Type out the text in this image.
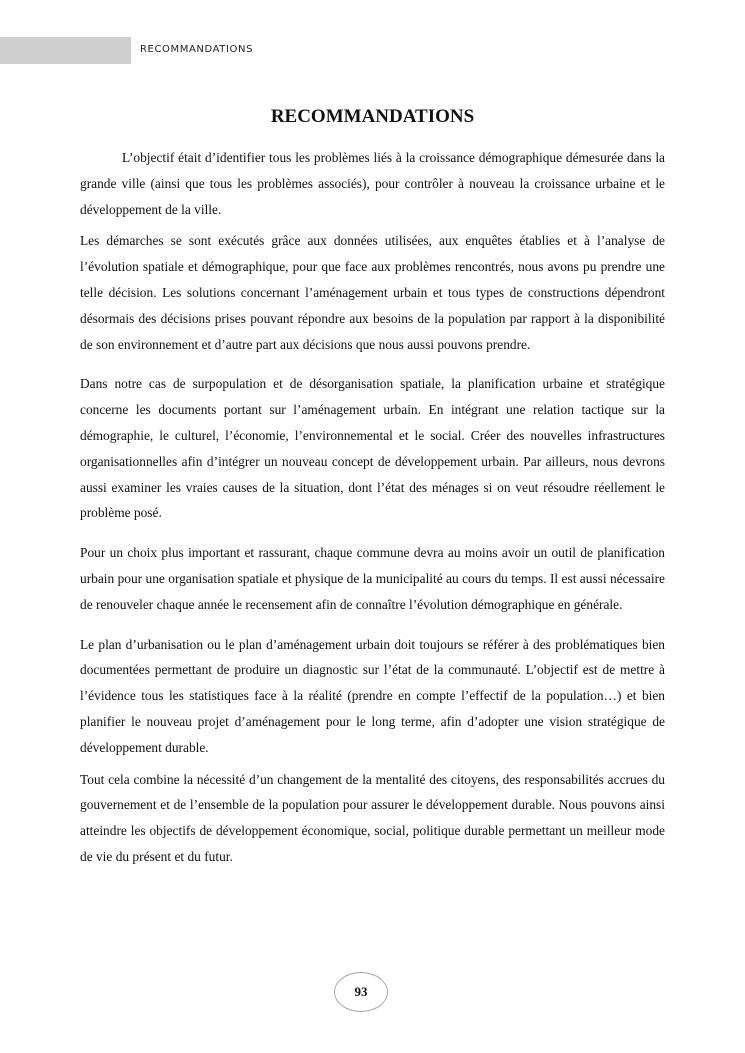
RECOMMANDATIONS
RECOMMANDATIONS

L’objectif était d’identifier tous les problèmes liés à la croissance démographique démesurée dans la grande ville (ainsi que tous les problèmes associés), pour contrôler à nouveau la croissance urbaine et le développement de la ville.

Les démarches se sont exécutés grâce aux données utilisées, aux enquêtes établies et à l’analyse de l’évolution spatiale et démographique, pour que face aux problèmes rencontrés, nous avons pu prendre une telle décision. Les solutions concernant l’aménagement urbain et tous types de constructions dépendront désormais des décisions prises pouvant répondre aux besoins de la population par rapport à la disponibilité de son environnement et d’autre part aux décisions que nous aussi pouvons prendre.

Dans notre cas de surpopulation et de désorganisation spatiale, la planification urbaine et stratégique concerne les documents portant sur l’aménagement urbain. En intégrant une relation tactique sur la démographie, le culturel, l’économie, l’environnemental et le social. Créer des nouvelles infrastructures organisationnelles afin d’intégrer un nouveau concept de développement urbain. Par ailleurs, nous devrons aussi examiner les vraies causes de la situation, dont l’état des ménages si on veut résoudre réellement le problème posé.

Pour un choix plus important et rassurant, chaque commune devra au moins avoir un outil de planification urbain pour une organisation spatiale et physique de la municipalité au cours du temps. Il est aussi nécessaire de renouveler chaque année le recensement afin de connaître l’évolution démographique en générale.

Le plan d’urbanisation ou le plan d’aménagement urbain doit toujours se référer à des problématiques bien documentées permettant de produire un diagnostic sur l’état de la communauté. L’objectif est de mettre à l’évidence tous les statistiques face à la réalité (prendre en compte l’effectif de la population…) et bien planifier le nouveau projet d’aménagement pour le long terme, afin d’adopter une vision stratégique de développement durable.

Tout cela combine la nécessité d’un changement de la mentalité des citoyens, des responsabilités accrues du gouvernement et de l’ensemble de la population pour assurer le développement durable. Nous pouvons ainsi atteindre les objectifs de développement économique, social, politique durable permettant un meilleur mode de vie du présent et du futur.

93
